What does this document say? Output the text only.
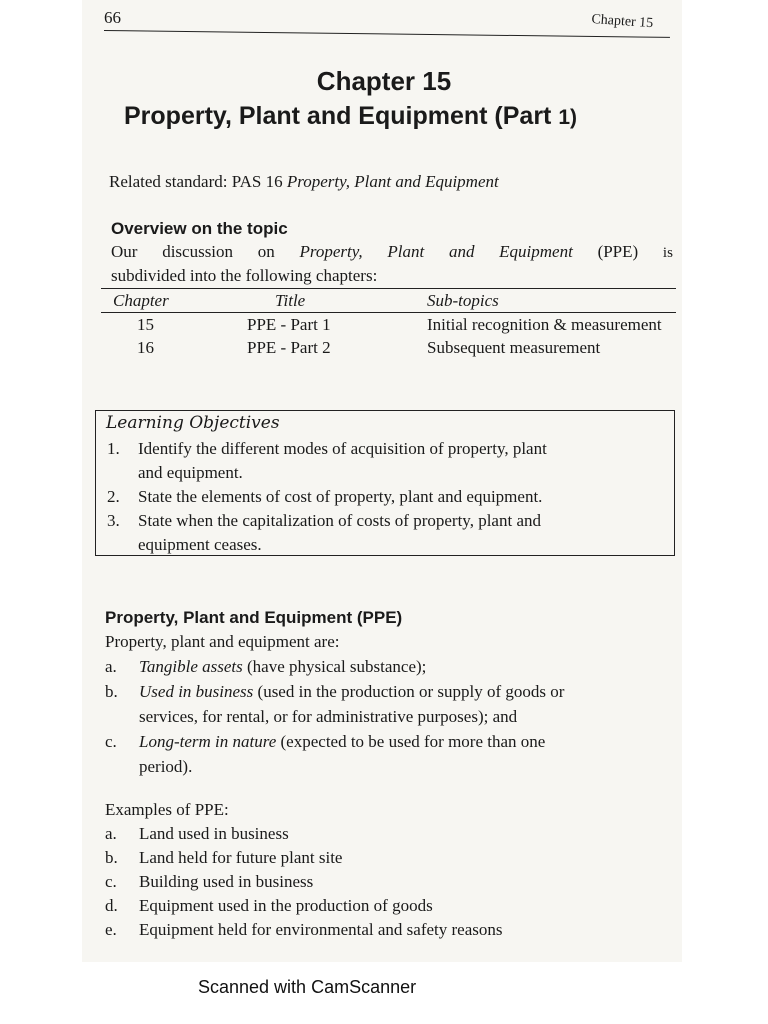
66	Chapter 15
Chapter 15
Property, Plant and Equipment (Part 1)
Related standard: PAS 16 Property, Plant and Equipment
Overview on the topic
Our discussion on Property, Plant and Equipment (PPE) is
subdivided into the following chapters:
Chapter	Title	Sub-topics
15	PPE - Part 1	Initial recognition & measurement
16	PPE - Part 2	Subsequent measurement
Learning Objectives
1. Identify the different modes of acquisition of property, plant
and equipment.
2. State the elements of cost of property, plant and equipment.
3. State when the capitalization of costs of property, plant and
equipment ceases.
Property, Plant and Equipment (PPE)
Property, plant and equipment are:
a. Tangible assets (have physical substance);
b. Used in business (used in the production or supply of goods or
services, for rental, or for administrative purposes); and
c. Long-term in nature (expected to be used for more than one
period).
Examples of PPE:
a. Land used in business
b. Land held for future plant site
c. Building used in business
d. Equipment used in the production of goods
e. Equipment held for environmental and safety reasons
Scanned with CamScanner
